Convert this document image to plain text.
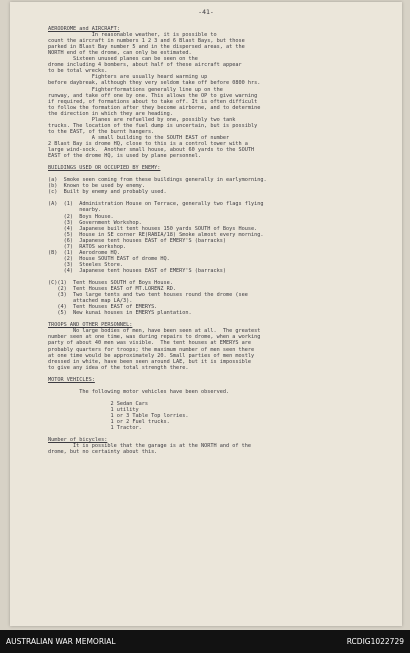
-41-

AERODROME and AIRCRAFT:
In reasonable weather, it is possible to
count the aircraft in numbers 1 2 3 and 6 Blast Bays, but those
parked in Blast Bay number 5 and in the dispersed areas, at the
NORTH end of the drome, can only be estimated.
Sixteen unused planes can be seen on the
drome including 4 bombers, about half of these aircraft appear
to be total wrecks.
Fighters are usually heard warming up
before daybreak, although they very seldom take off before 0800 hrs.
Fighterformations generally line up on the
runway, and take off one by one. This allows the OP to give warning
if required, of formations about to take off. It is often difficult
to follow the formation after they become airborne, and to determine
the direction in which they are heading.
Planes are refuelled by one, possibly two tank
trucks. The location of the fuel dump is uncertain, but is possibly
to the EAST, of the burnt hangers.
A small building to the SOUTH EAST of number
2 Blast Bay is drome HQ, close to this is a control tower with a
large wind-sock.  Another small house, about 60 yards to the SOUTH
EAST of the drome HQ, is used by plane personnel.

BUILDINGS USED OR OCCUPIED BY ENEMY:

(a)  Smoke seen coming from these buildings generally in earlymorning.
(b)  Known to be used by enemy.
(c)  Built by enemy and probably used.

(A)  (1)  Administration House on Terrace, generally two flags flying
nearby.
(2)  Boys House.
(3)  Government Workshop.
(4)  Japanese built tent houses 150 yards SOUTH of Boys House.
(5)  House in SE corner RE(RABIA/18) Smoke almost every morning.
(6)  Japanese tent houses EAST of EMERY'S (barracks)
(7)  RATOS workshop.
(B)  (1)  Aerodrome HQ.
(2)  House SOUTH EAST of drome HQ.
(3)  Steeles Store.
(4)  Japanese tent houses EAST of EMERY'S (barracks)

(C)(1)  Tent Houses SOUTH of Boys House.
(2)  Tent Houses EAST of MT.LORENZ RD.
(3)  Two large tents and two tent houses round the drome (see
attached map LA/3).
(4)  Tent Houses EAST of EMERYS.
(5)  New kunai houses in EMERYS plantation.

TROOPS AND OTHER PERSONNEL:
No large bodies of men, have been seen at all.  The greatest
number seen at one time, was during repairs to drome, when a working
party of about 40 men was visible.  The tent houses at EMERYS are
probably quarters for troops; the maximum number of men seen there
at one time would be approximately 20. Small parties of men mostly
dressed in white, have been seen around LAE, but it is impossible
to give any idea of the total strength there.

MOTOR VEHICLES:

The following motor vehicles have been observed.

2 Sedan Cars
1 utility
1 or 3 Table Top lorries.
1 or 2 Fuel trucks.
1 Tractor.

Number of bicycles:
It is possible that the garage is at the NORTH and of the
drome, but no certainty about this.
AUSTRALIAN WAR MEMORIAL	RCDIG1022729
